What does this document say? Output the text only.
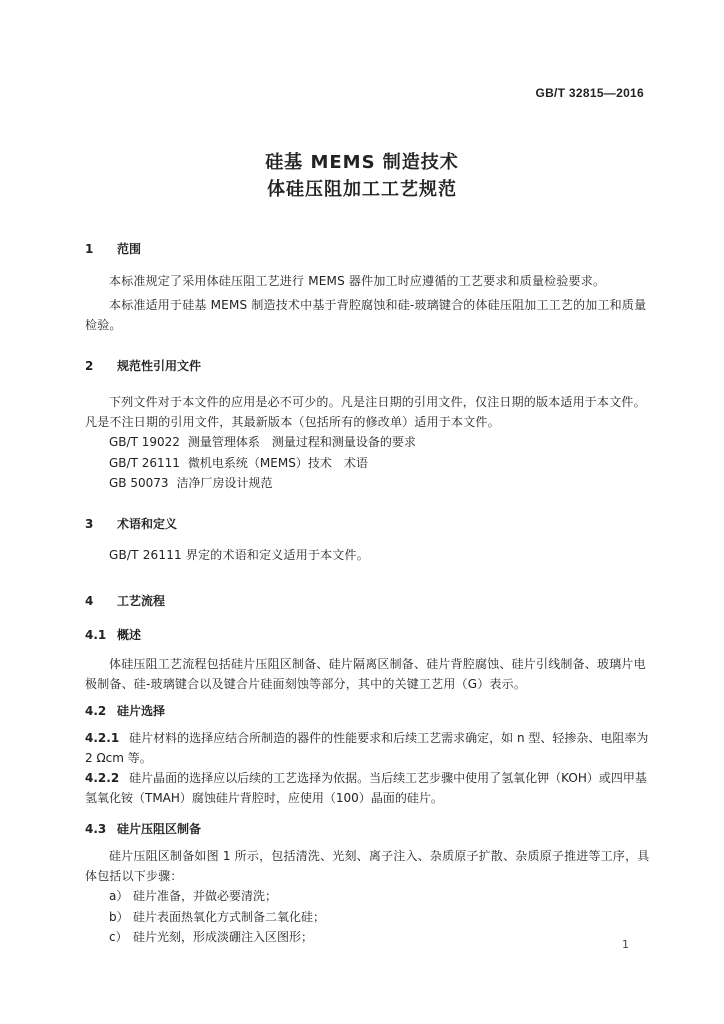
GB/T 32815—2016
硅基 MEMS 制造技术
体硅压阻加工工艺规范
1 范围
本标准规定了采用体硅压阻工艺进行 MEMS 器件加工时应遵循的工艺要求和质量检验要求。
本标准适用于硅基 MEMS 制造技术中基于背腔腐蚀和硅-玻璃键合的体硅压阻加工工艺的加工和质量检验。
2 规范性引用文件
下列文件对于本文件的应用是必不可少的。凡是注日期的引用文件，仅注日期的版本适用于本文件。凡是不注日期的引用文件，其最新版本（包括所有的修改单）适用于本文件。
GB/T 19022 测量管理体系　测量过程和测量设备的要求
GB/T 26111 微机电系统（MEMS）技术　术语
GB 50073 洁净厂房设计规范
3 术语和定义
GB/T 26111 界定的术语和定义适用于本文件。
4 工艺流程
4.1 概述
体硅压阻工艺流程包括硅片压阻区制备、硅片隔离区制备、硅片背腔腐蚀、硅片引线制备、玻璃片电极制备、硅-玻璃键合以及键合片硅面刻蚀等部分，其中的关键工艺用（G）表示。
4.2 硅片选择
4.2.1 硅片材料的选择应结合所制造的器件的性能要求和后续工艺需求确定，如 n 型、轻掺杂、电阻率为 2 Ωcm 等。
4.2.2 硅片晶面的选择应以后续的工艺选择为依据。当后续工艺步骤中使用了氢氧化钾（KOH）或四甲基氢氧化铵（TMAH）腐蚀硅片背腔时，应使用（100）晶面的硅片。
4.3 硅片压阻区制备
硅片压阻区制备如图 1 所示，包括清洗、光刻、离子注入、杂质原子扩散、杂质原子推进等工序，具体包括以下步骤：
a） 硅片准备，并做必要清洗；
b） 硅片表面热氧化方式制备二氧化硅；
c） 硅片光刻，形成淡硼注入区图形；
1
